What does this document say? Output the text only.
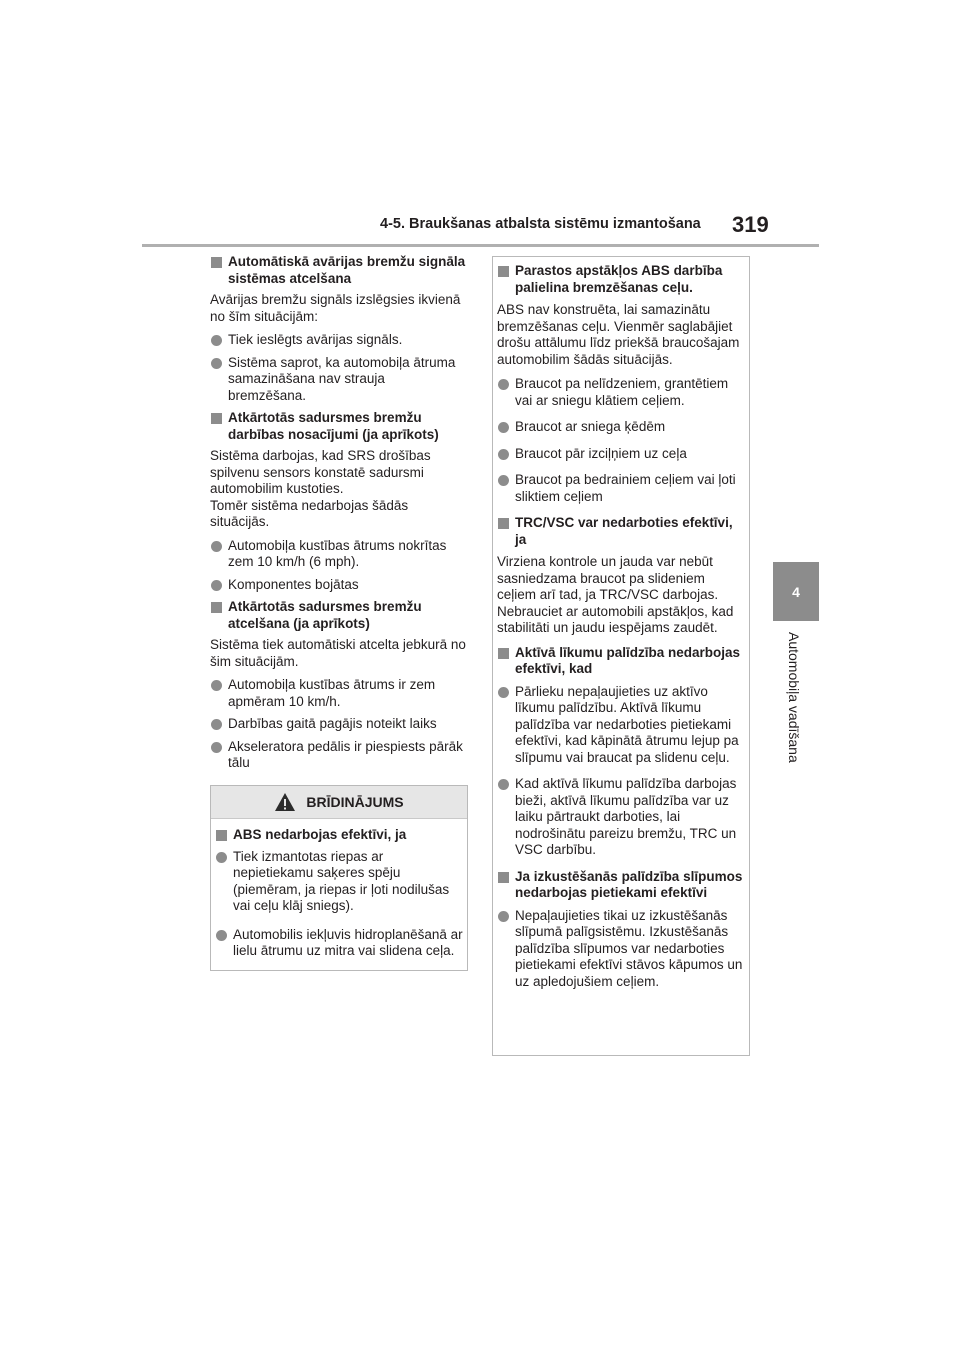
4-5. Braukšanas atbalsta sistēmu izmantošana 319
4
Automobiļa vadīšana
Automātiskā avārijas bremžu signāla sistēmas atcelšana
Avārijas bremžu signāls izslēgsies ikvienā no šīm situācijām:
Tiek ieslēgts avārijas signāls.
Sistēma saprot, ka automobiļa ātruma samazināšana nav strauja bremzēšana.
Atkārtotās sadursmes bremžu darbības nosacījumi (ja aprīkots)
Sistēma darbojas, kad SRS drošības spilvenu sensors konstatē sadursmi automobilim kustoties.
Tomēr sistēma nedarbojas šādās situācijās.
Automobiļa kustības ātrums nokrītas zem 10 km/h (6 mph).
Komponentes bojātas
Atkārtotās sadursmes bremžu atcelšana (ja aprīkots)
Sistēma tiek automātiski atcelta jebkurā no šim situācijām.
Automobiļa kustības ātrums ir zem apmēram 10 km/h.
Darbības gaitā pagājis noteikt laiks
Akseleratora pedālis ir piespiests pārāk tālu
BRĪDINĀJUMS
ABS nedarbojas efektīvi, ja
Tiek izmantotas riepas ar nepietiekamu saķeres spēju (piemēram, ja riepas ir ļoti nodilušas vai ceļu klāj sniegs).
Automobilis iekļuvis hidroplanēšanā ar lielu ātrumu uz mitra vai slidena ceļa.
Parastos apstākļos ABS darbība palielina bremzēšanas ceļu.
ABS nav konstruēta, lai samazinātu bremzēšanas ceļu. Vienmēr saglabājiet drošu attālumu līdz priekšā braucošajam automobilim šādās situācijās.
Braucot pa nelīdzeniem, grantētiem vai ar sniegu klātiem ceļiem.
Braucot ar sniega ķēdēm
Braucot pār izciļņiem uz ceļa
Braucot pa bedrainiem ceļiem vai ļoti sliktiem ceļiem
TRC/VSC var nedarboties efektīvi, ja
Virziena kontrole un jauda var nebūt sasniedzama braucot pa slideniem ceļiem arī tad, ja TRC/VSC darbojas. Nebrauciet ar automobili apstākļos, kad stabilitāti un jaudu iespējams zaudēt.
Aktīvā līkumu palīdzība nedarbojas efektīvi, kad
Pārlieku nepaļaujieties uz aktīvo līkumu palīdzību. Aktīvā līkumu palīdzība var nedarboties pietiekami efektīvi, kad kāpinātā ātrumu lejup pa slīpumu vai braucat pa slidenu ceļu.
Kad aktīvā līkumu palīdzība darbojas bieži, aktīvā līkumu palīdzība var uz laiku pārtraukt darboties, lai nodrošinātu pareizu bremžu, TRC un VSC darbību.
Ja izkustēšanās palīdzība slīpumos nedarbojas pietiekami efektīvi
Nepaļaujieties tikai uz izkustēšanās slīpumā palīgsistēmu. Izkustēšanās palīdzība slīpumos var nedarboties pietiekami efektīvi stāvos kāpumos un uz apledojušiem ceļiem.
